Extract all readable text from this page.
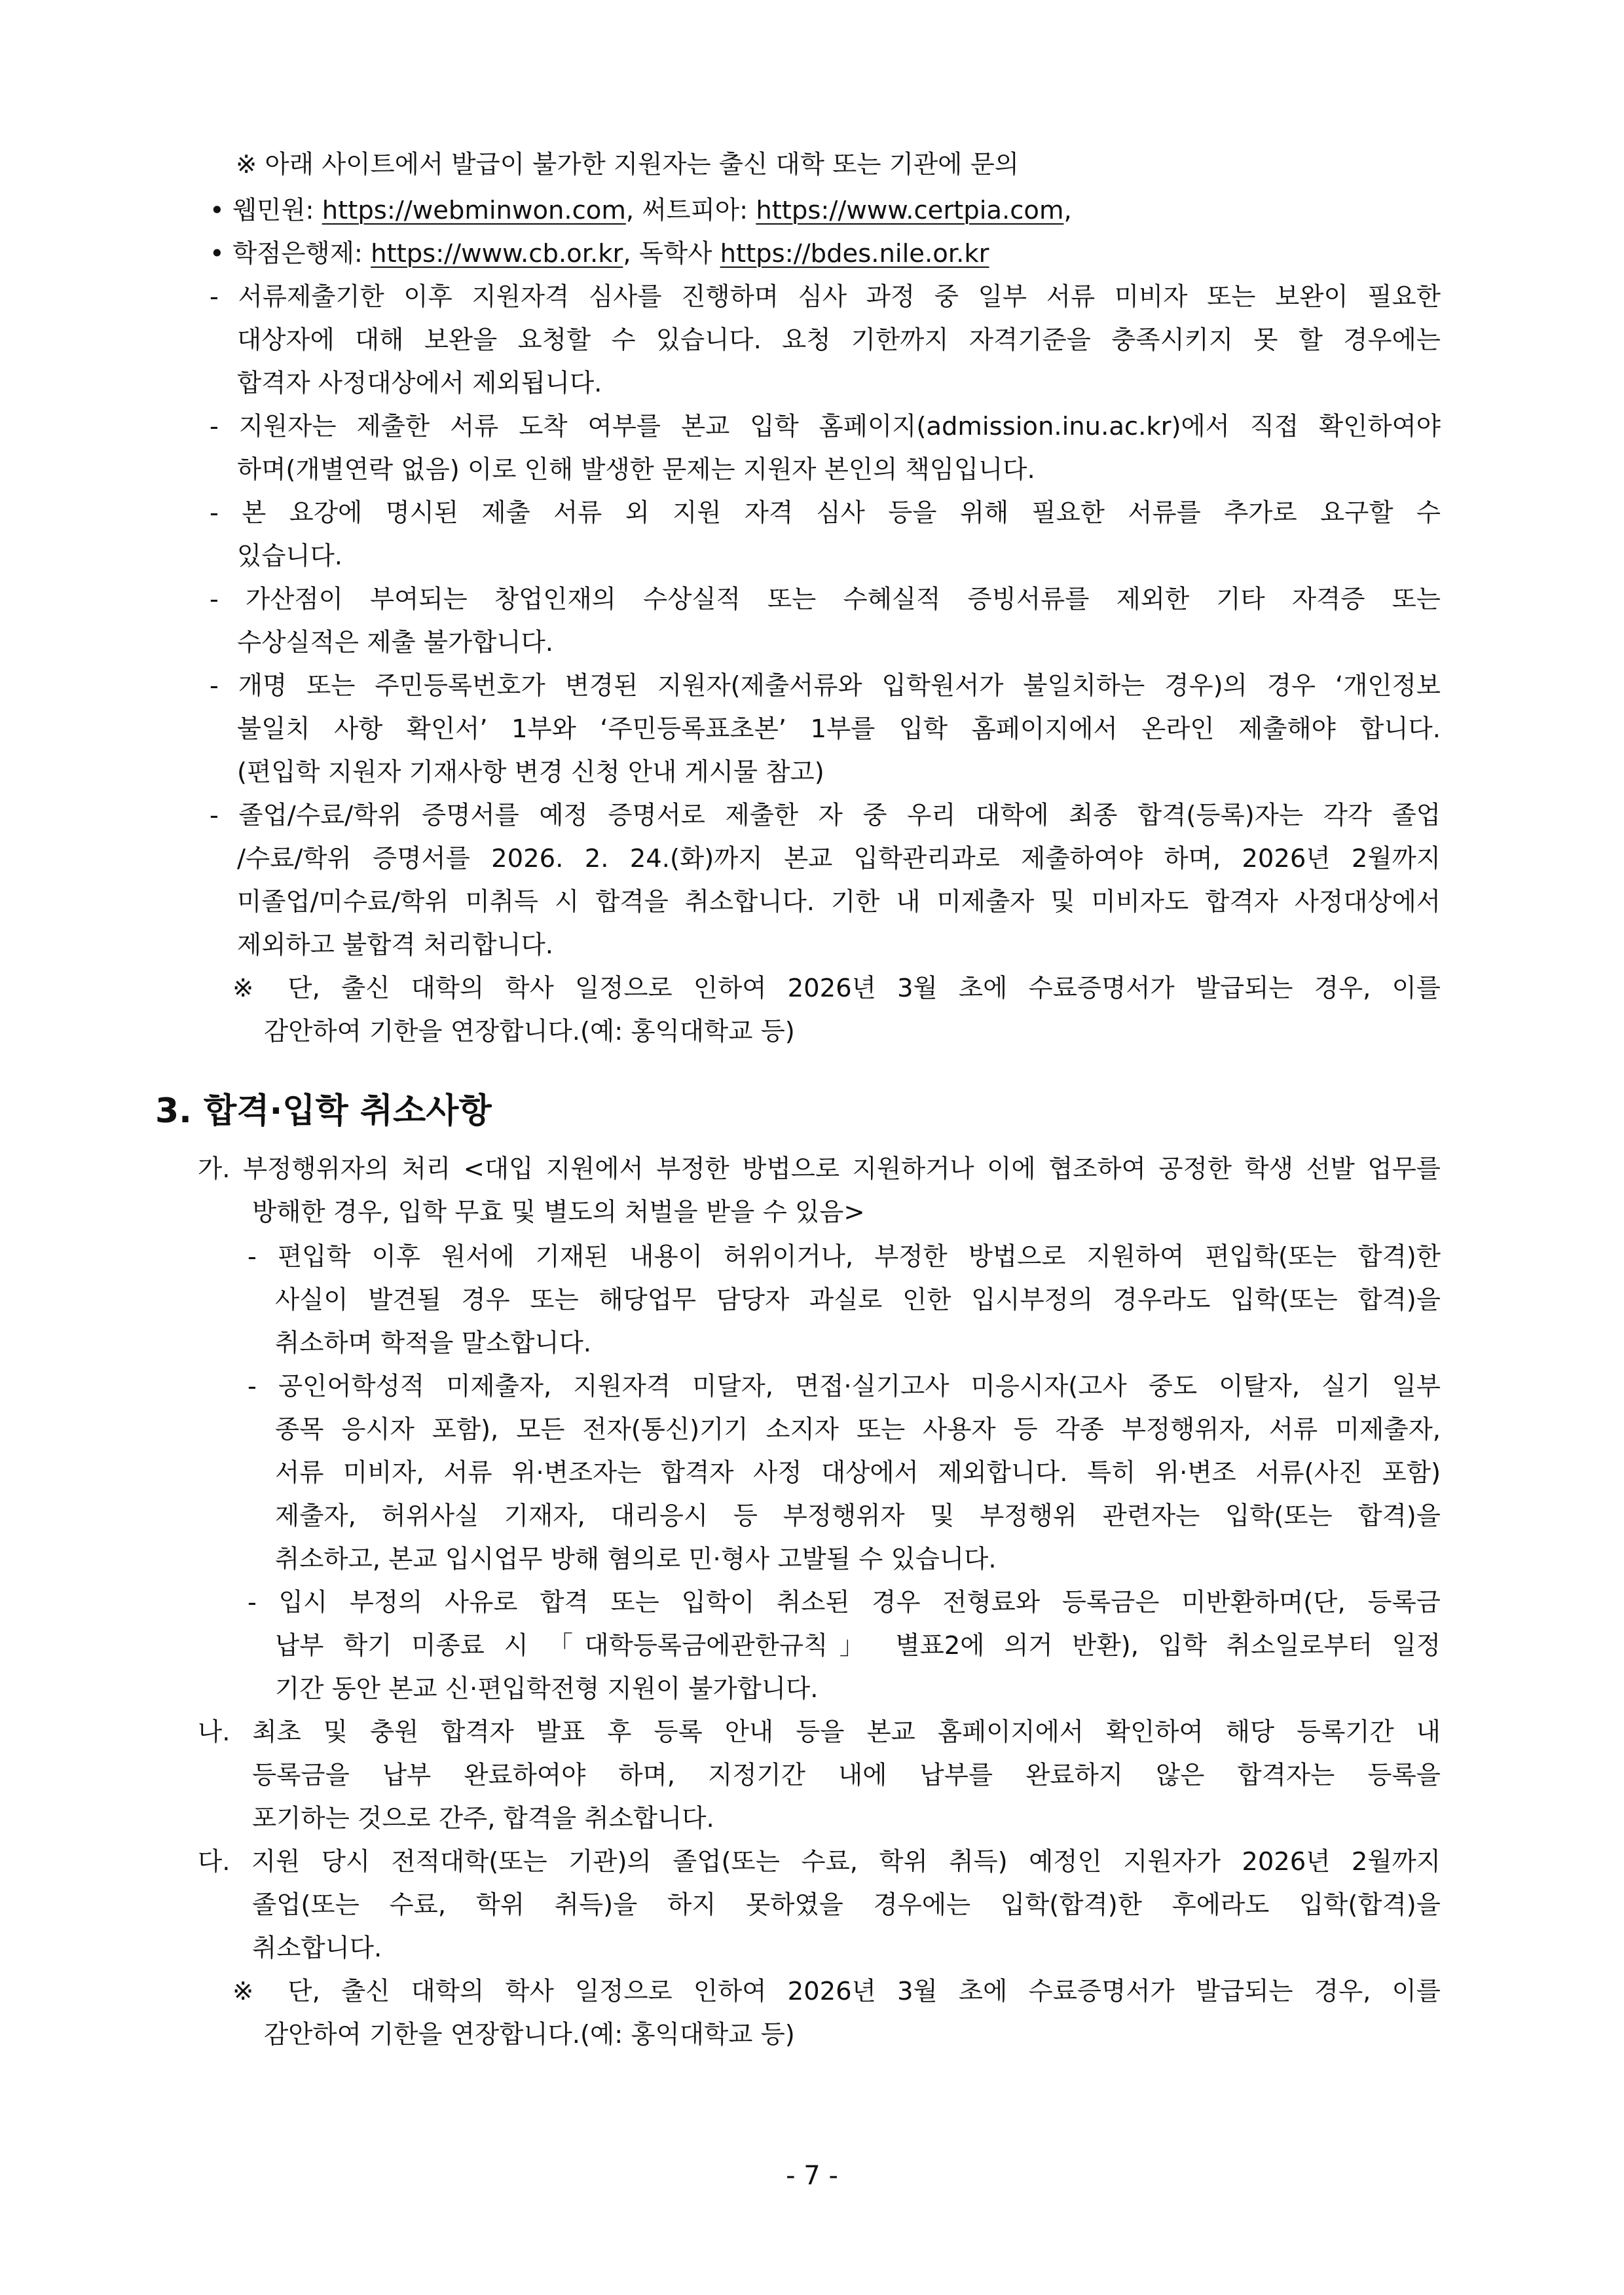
※ 아래 사이트에서 발급이 불가한 지원자는 출신 대학 또는 기관에 문의
• 웹민원: https://webminwon.com, 써트피아: https://www.certpia.com,
• 학점은행제: https://www.cb.or.kr, 독학사 https://bdes.nile.or.kr
- 서류제출기한 이후 지원자격 심사를 진행하며 심사 과정 중 일부 서류 미비자 또는 보완이 필요한
대상자에 대해 보완을 요청할 수 있습니다. 요청 기한까지 자격기준을 충족시키지 못 할 경우에는
합격자 사정대상에서 제외됩니다.
- 지원자는 제출한 서류 도착 여부를 본교 입학 홈페이지(admission.inu.ac.kr)에서 직접 확인하여야
하며(개별연락 없음) 이로 인해 발생한 문제는 지원자 본인의 책임입니다.
- 본 요강에 명시된 제출 서류 외 지원 자격 심사 등을 위해 필요한 서류를 추가로 요구할 수
있습니다.
- 가산점이 부여되는 창업인재의 수상실적 또는 수혜실적 증빙서류를 제외한 기타 자격증 또는
수상실적은 제출 불가합니다.
- 개명 또는 주민등록번호가 변경된 지원자(제출서류와 입학원서가 불일치하는 경우)의 경우 ‘개인정보
불일치 사항 확인서’ 1부와 ‘주민등록표초본’ 1부를 입학 홈페이지에서 온라인 제출해야 합니다.
(편입학 지원자 기재사항 변경 신청 안내 게시물 참고)
- 졸업/수료/학위 증명서를 예정 증명서로 제출한 자 중 우리 대학에 최종 합격(등록)자는 각각 졸업
/수료/학위 증명서를 2026. 2. 24.(화)까지 본교 입학관리과로 제출하여야 하며, 2026년 2월까지
미졸업/미수료/학위 미취득 시 합격을 취소합니다. 기한 내 미제출자 및 미비자도 합격자 사정대상에서
제외하고 불합격 처리합니다.
※ 단, 출신 대학의 학사 일정으로 인하여 2026년 3월 초에 수료증명서가 발급되는 경우, 이를
감안하여 기한을 연장합니다.(예: 홍익대학교 등)
3. 합격·입학 취소사항
가. 부정행위자의 처리 <대입 지원에서 부정한 방법으로 지원하거나 이에 협조하여 공정한 학생 선발 업무를
방해한 경우, 입학 무효 및 별도의 처벌을 받을 수 있음>
- 편입학 이후 원서에 기재된 내용이 허위이거나, 부정한 방법으로 지원하여 편입학(또는 합격)한
사실이 발견될 경우 또는 해당업무 담당자 과실로 인한 입시부정의 경우라도 입학(또는 합격)을
취소하며 학적을 말소합니다.
- 공인어학성적 미제출자, 지원자격 미달자, 면접·실기고사 미응시자(고사 중도 이탈자, 실기 일부
종목 응시자 포함), 모든 전자(통신)기기 소지자 또는 사용자 등 각종 부정행위자, 서류 미제출자,
서류 미비자, 서류 위·변조자는 합격자 사정 대상에서 제외합니다. 특히 위·변조 서류(사진 포함)
제출자, 허위사실 기재자, 대리응시 등 부정행위자 및 부정행위 관련자는 입학(또는 합격)을
취소하고, 본교 입시업무 방해 혐의로 민·형사 고발될 수 있습니다.
- 입시 부정의 사유로 합격 또는 입학이 취소된 경우 전형료와 등록금은 미반환하며(단, 등록금
납부 학기 미종료 시 「대학등록금에관한규칙」 별표2에 의거 반환), 입학 취소일로부터 일정
기간 동안 본교 신·편입학전형 지원이 불가합니다.
나. 최초 및 충원 합격자 발표 후 등록 안내 등을 본교 홈페이지에서 확인하여 해당 등록기간 내
등록금을 납부 완료하여야 하며, 지정기간 내에 납부를 완료하지 않은 합격자는 등록을
포기하는 것으로 간주, 합격을 취소합니다.
다. 지원 당시 전적대학(또는 기관)의 졸업(또는 수료, 학위 취득) 예정인 지원자가 2026년 2월까지
졸업(또는 수료, 학위 취득)을 하지 못하였을 경우에는 입학(합격)한 후에라도 입학(합격)을
취소합니다.
※ 단, 출신 대학의 학사 일정으로 인하여 2026년 3월 초에 수료증명서가 발급되는 경우, 이를
감안하여 기한을 연장합니다.(예: 홍익대학교 등)
- 7 -
